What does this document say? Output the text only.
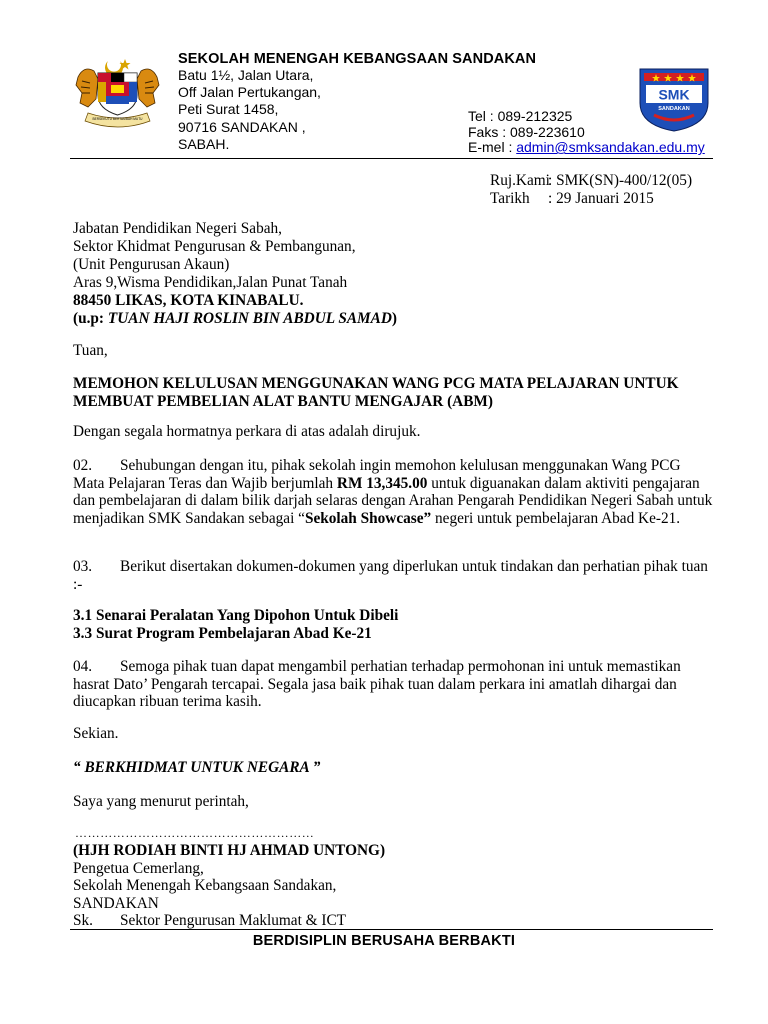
BERSEKUTU BERTAMBAH MUTU
SEKOLAH MENENGAH KEBANGSAAN SANDAKAN
Batu 1½, Jalan Utara,
Off Jalan Pertukangan,
Peti Surat 1458,
90716 SANDAKAN ,
SABAH.
Tel : 089-212325
Faks : 089-223610
E-mel : admin@smksandakan.edu.my
SMK
SANDAKAN
Ruj.Kami: SMK(SN)-400/12(05)
Tarikh : 29 Januari 2015
Jabatan Pendidikan Negeri Sabah,
Sektor Khidmat Pengurusan & Pembangunan,
(Unit Pengurusan Akaun)
Aras 9,Wisma Pendidikan,Jalan Punat Tanah
88450 LIKAS, KOTA KINABALU.
(u.p: TUAN HAJI ROSLIN BIN ABDUL SAMAD)
Tuan,
MEMOHON KELULUSAN MENGGUNAKAN WANG PCG MATA PELAJARAN UNTUK
MEMBUAT PEMBELIAN ALAT BANTU MENGAJAR (ABM)
Dengan segala hormatnya perkara di atas adalah dirujuk.
02. Sehubungan dengan itu, pihak sekolah ingin memohon kelulusan menggunakan Wang PCG Mata Pelajaran Teras dan Wajib berjumlah RM 13,345.00 untuk diguanakan dalam aktiviti pengajaran dan pembelajaran di dalam bilik darjah selaras dengan Arahan Pengarah Pendidikan Negeri Sabah untuk menjadikan SMK Sandakan sebagai “Sekolah Showcase” negeri untuk pembelajaran Abad Ke-21.
03. Berikut disertakan dokumen-dokumen yang diperlukan untuk tindakan dan perhatian pihak tuan :-
3.1 Senarai Peralatan Yang Dipohon Untuk Dibeli
3.3 Surat Program Pembelajaran Abad Ke-21
04. Semoga pihak tuan dapat mengambil perhatian terhadap permohonan ini untuk memastikan hasrat Dato’ Pengarah tercapai. Segala jasa baik pihak tuan dalam perkara ini amatlah dihargai dan diucapkan ribuan terima kasih.
Sekian.
“ BERKHIDMAT UNTUK NEGARA ”
Saya yang menurut perintah,
…………………………………………………
(HJH RODIAH BINTI HJ AHMAD UNTONG)
Pengetua Cemerlang,
Sekolah Menengah Kebangsaan Sandakan,
SANDAKAN
Sk. Sektor Pengurusan Maklumat & ICT
BERDISIPLIN BERUSAHA BERBAKTI
